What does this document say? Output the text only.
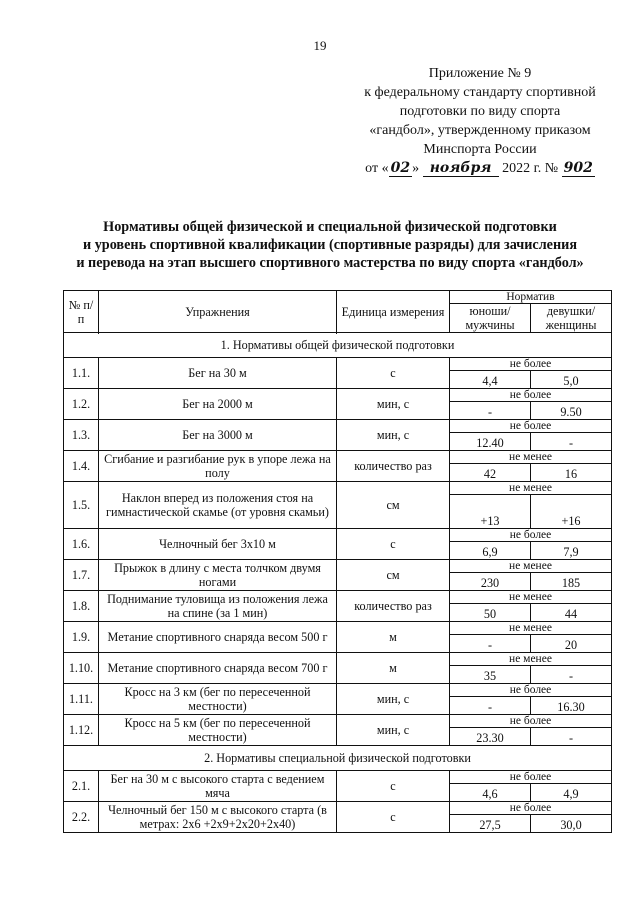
19
Приложение № 9
к федеральному стандарту спортивной
подготовки по виду спорта
«гандбол», утвержденному приказом
Минспорта России
от « 02 » ноября 2022 г. № 902
Нормативы общей физической и специальной физической подготовки
и уровень спортивной квалификации (спортивные разряды) для зачисления
и перевода на этап высшего спортивного мастерства по виду спорта «гандбол»
№ п/п	Упражнения	Единица измерения	Норматив	
			юноши/ мужчины	девушки/ женщины

1. Нормативы общей физической подготовки				
1.1.	Бег на 30 м	с	не более	
			4,4	5,0
1.2.	Бег на 2000 м	мин, с	не более	
			-	9.50
1.3.	Бег на 3000 м	мин, с	не более	
			12.40	-
1.4.	Сгибание и разгибание рук в упоре лежа на полу	количество раз	не менее	
			42	16
1.5.	Наклон вперед из положения стоя на гимнастической скамье (от уровня скамьи)	см	не менее	
			+13	+16
1.6.	Челночный бег 3x10 м	с	не более	
			6,9	7,9
1.7.	Прыжок в длину с места толчком двумя ногами	см	не менее	
			230	185
1.8.	Поднимание туловища из положения лежа на спине (за 1 мин)	количество раз	не менее	
			50	44
1.9.	Метание спортивного снаряда весом 500 г	м	не менее	
			-	20
1.10.	Метание спортивного снаряда весом 700 г	м	не менее	
			35	-
1.11.	Кросс на 3 км (бег по пересеченной местности)	мин, с	не более	
			-	16.30
1.12.	Кросс на 5 км (бег по пересеченной местности)	мин, с	не более	
			23.30	-
2. Нормативы специальной физической подготовки				
2.1.	Бег на 30 м с высокого старта с ведением мяча	с	не более	
			4,6	4,9
2.2.	Челночный бег 150 м с высокого старта (в метрах: 2x6 +2x9+2x20+2x40)	с	не более	
			27,5	30,0
